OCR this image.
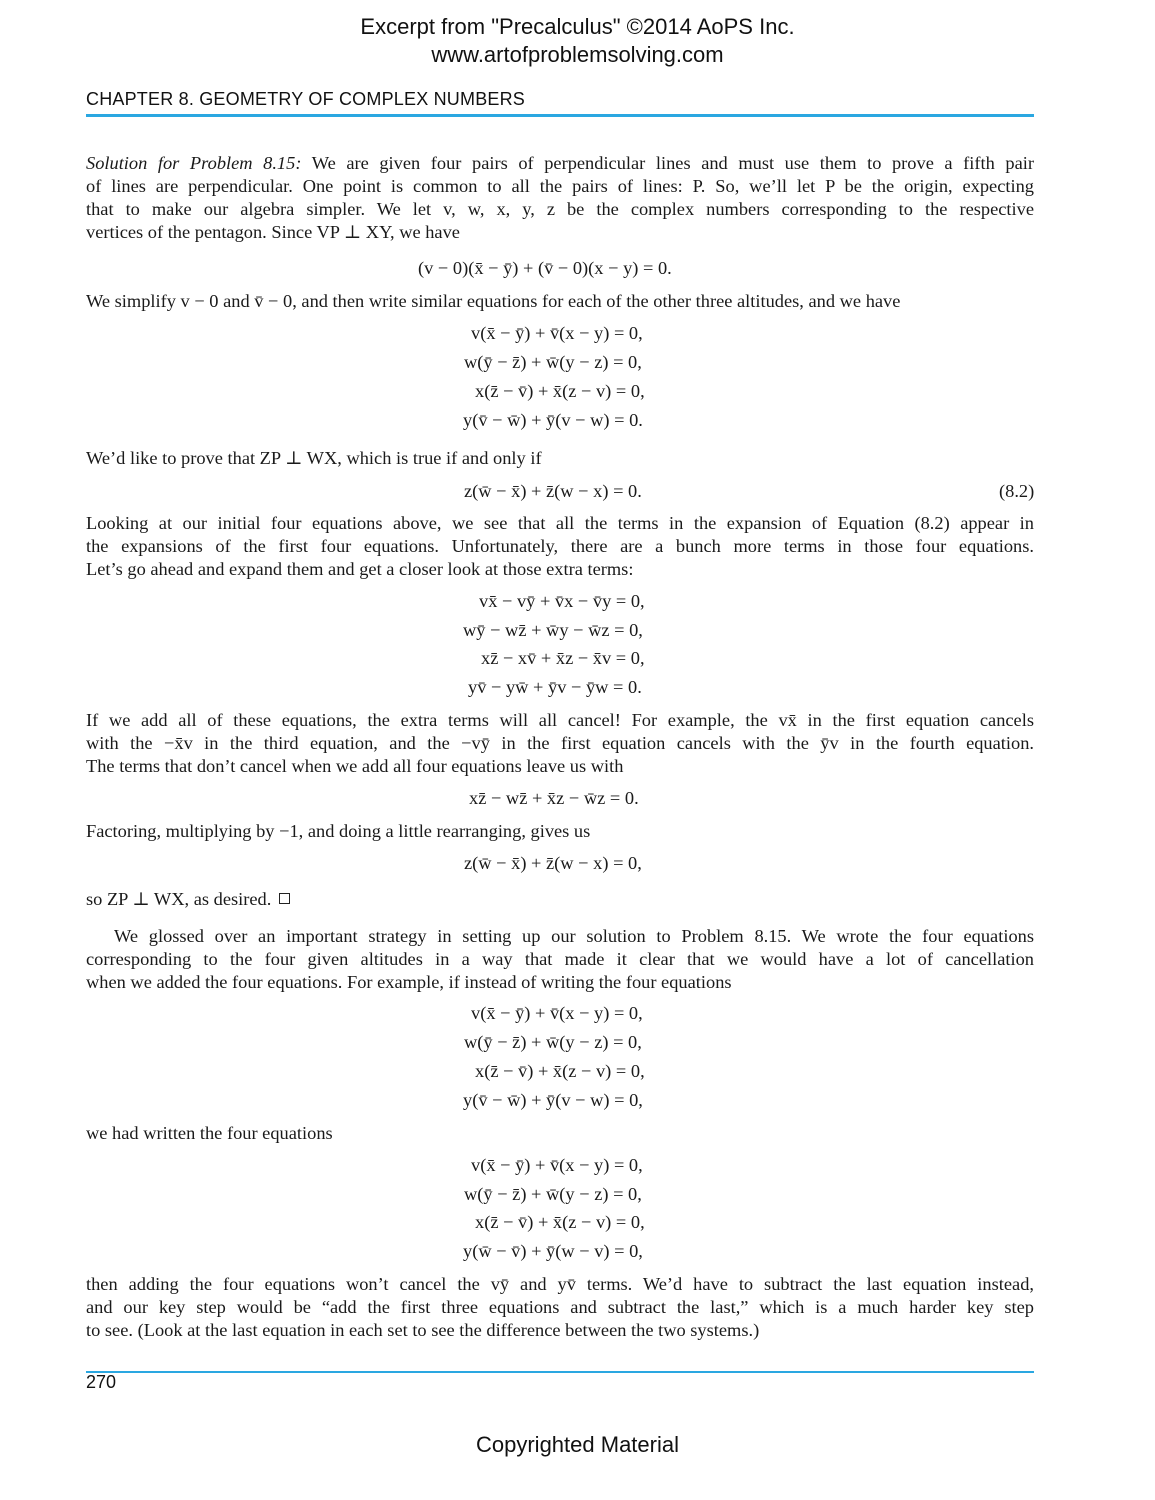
Excerpt from "Precalculus" ©2014 AoPS Inc.
www.artofproblemsolving.com
CHAPTER 8. GEOMETRY OF COMPLEX NUMBERS
Solution for Problem 8.15: We are given four pairs of perpendicular lines and must use them to prove a fifth pair
of lines are perpendicular. One point is common to all the pairs of lines: P. So, we’ll let P be the origin, expecting
that to make our algebra simpler. We let v, w, x, y, z be the complex numbers corresponding to the respective
vertices of the pentagon. Since VP ⊥ XY, we have
(v − 0)(x̄ − ȳ) + (v̄ − 0)(x − y) = 0.
We simplify v − 0 and v̄ − 0, and then write similar equations for each of the other three altitudes, and we have
v(x̄ − ȳ) + v̄(x − y) = 0,
w(ȳ − z̄) + w̄(y − z) = 0,
x(z̄ − v̄) + x̄(z − v) = 0,
y(v̄ − w̄) + ȳ(v − w) = 0.
We’d like to prove that ZP ⊥ WX, which is true if and only if
z(w̄ − x̄) + z̄(w − x) = 0.	(8.2)
Looking at our initial four equations above, we see that all the terms in the expansion of Equation (8.2) appear in
the expansions of the first four equations. Unfortunately, there are a bunch more terms in those four equations.
Let’s go ahead and expand them and get a closer look at those extra terms:
vx̄ − vȳ + v̄x − v̄y = 0,
wȳ − wz̄ + w̄y − w̄z = 0,
xz̄ − xv̄ + x̄z − x̄v = 0,
yv̄ − yw̄ + ȳv − ȳw = 0.
If we add all of these equations, the extra terms will all cancel! For example, the vx̄ in the first equation cancels
with the −x̄v in the third equation, and the −vȳ in the first equation cancels with the ȳv in the fourth equation.
The terms that don’t cancel when we add all four equations leave us with
xz̄ − wz̄ + x̄z − w̄z = 0.
Factoring, multiplying by −1, and doing a little rearranging, gives us
z(w̄ − x̄) + z̄(w − x) = 0,
so ZP ⊥ WX, as desired.
We glossed over an important strategy in setting up our solution to Problem 8.15. We wrote the four equations
corresponding to the four given altitudes in a way that made it clear that we would have a lot of cancellation
when we added the four equations. For example, if instead of writing the four equations
v(x̄ − ȳ) + v̄(x − y) = 0,
w(ȳ − z̄) + w̄(y − z) = 0,
x(z̄ − v̄) + x̄(z − v) = 0,
y(v̄ − w̄) + ȳ(v − w) = 0,
we had written the four equations
v(x̄ − ȳ) + v̄(x − y) = 0,
w(ȳ − z̄) + w̄(y − z) = 0,
x(z̄ − v̄) + x̄(z − v) = 0,
y(w̄ − v̄) + ȳ(w − v) = 0,
then adding the four equations won’t cancel the vȳ and yv̄ terms. We’d have to subtract the last equation instead,
and our key step would be “add the first three equations and subtract the last,” which is a much harder key step
to see. (Look at the last equation in each set to see the difference between the two systems.)
270
Copyrighted Material
